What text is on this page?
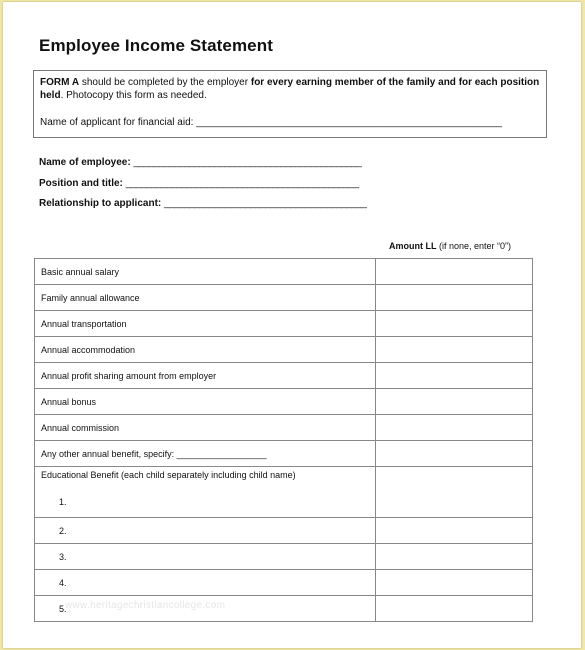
Employee Income Statement
FORM A should be completed by the employer for every earning member of the family and for each position held. Photocopy this form as needed.
Name of applicant for financial aid: _______________________________________________________
Name of employee: _____________________________________________
Position and title: ______________________________________________
Relationship to applicant: ________________________________________
Amount LL (if none, enter “0”)
Basic annual salary	
Family annual allowance	
Annual transportation	
Annual accommodation	
Annual profit sharing amount from employer	
Annual bonus	
Annual commission	
Any other annual benefit, specify: __________________	

Educational Benefit (each child separately including child name)
1.	

2.	
3.	
4.	
5.	
www.heritagechristiancollege.com
